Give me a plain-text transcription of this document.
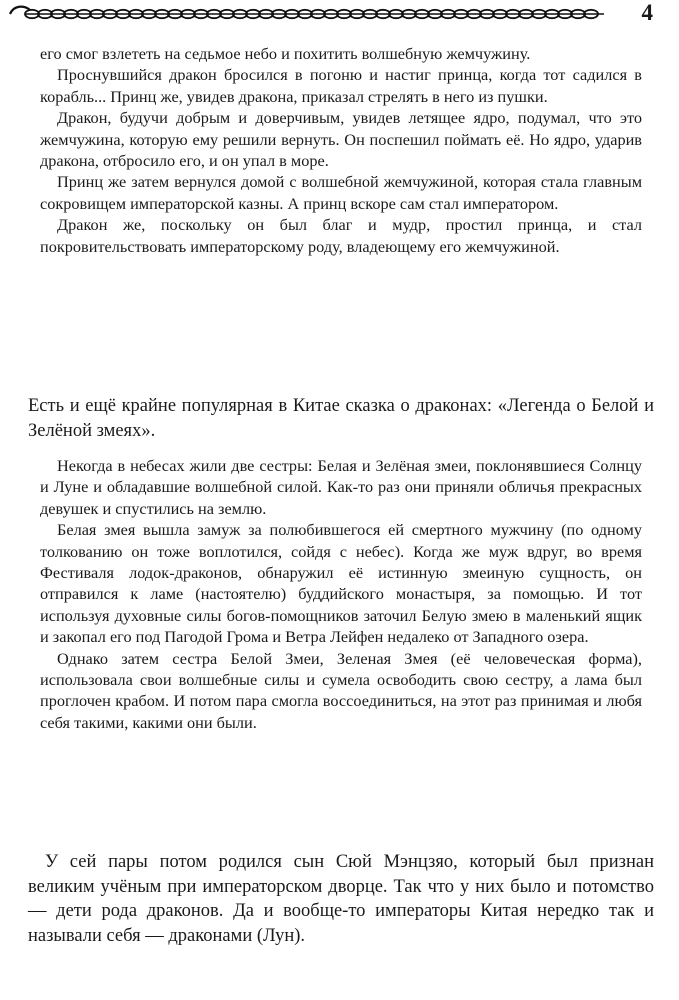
4

его смог взлететь на седьмое небо и похитить волшебную жемчужину.

Проснувшийся дракон бросился в погоню и настиг принца, когда тот садился в корабль... Принц же, увидев дракона, приказал стрелять в него из пушки.

Дракон, будучи добрым и доверчивым, увидев летящее ядро, подумал, что это жемчужина, которую ему решили вернуть. Он поспешил поймать её. Но ядро, ударив дракона, отбросило его, и он упал в море.

Принц же затем вернулся домой с волшебной жемчужиной, которая стала главным сокровищем императорской казны. А принц вскоре сам стал императором.

Дракон же, поскольку он был благ и мудр, простил принца, и стал покровительствовать императорскому роду, владеющему его жемчужиной.

Есть и ещё крайне популярная в Китае сказка о драконах: «Легенда о Белой и Зелёной змеях».

Некогда в небесах жили две сестры: Белая и Зелёная змеи, поклонявшиеся Солнцу и Луне и обладавшие волшебной силой. Как-то раз они приняли обличья прекрасных девушек и спустились на землю.

Белая змея вышла замуж за полюбившегося ей смертного мужчину (по одному толкованию он тоже воплотился, сойдя с небес). Когда же муж вдруг, во время Фестиваля лодок-драконов, обнаружил её истинную змеиную сущность, он отправился к ламе (настоятелю) буддийского монастыря, за помощью. И тот используя духовные силы богов-помощников заточил Белую змею в маленький ящик и закопал его под Пагодой Грома и Ветра Лейфен недалеко от Западного озера.

Однако затем сестра Белой Змеи, Зеленая Змея (её человеческая форма), использовала свои волшебные силы и сумела освободить свою сестру, а лама был проглочен крабом. И потом пара смогла воссоединиться, на этот раз принимая и любя себя такими, какими они были.

У сей пары потом родился сын Сюй Мэнцзяо, который был признан великим учёным при императорском дворце. Так что у них было и потомство — дети рода драконов. Да и вообще-то императоры Китая нередко так и называли себя — драконами (Лун).
